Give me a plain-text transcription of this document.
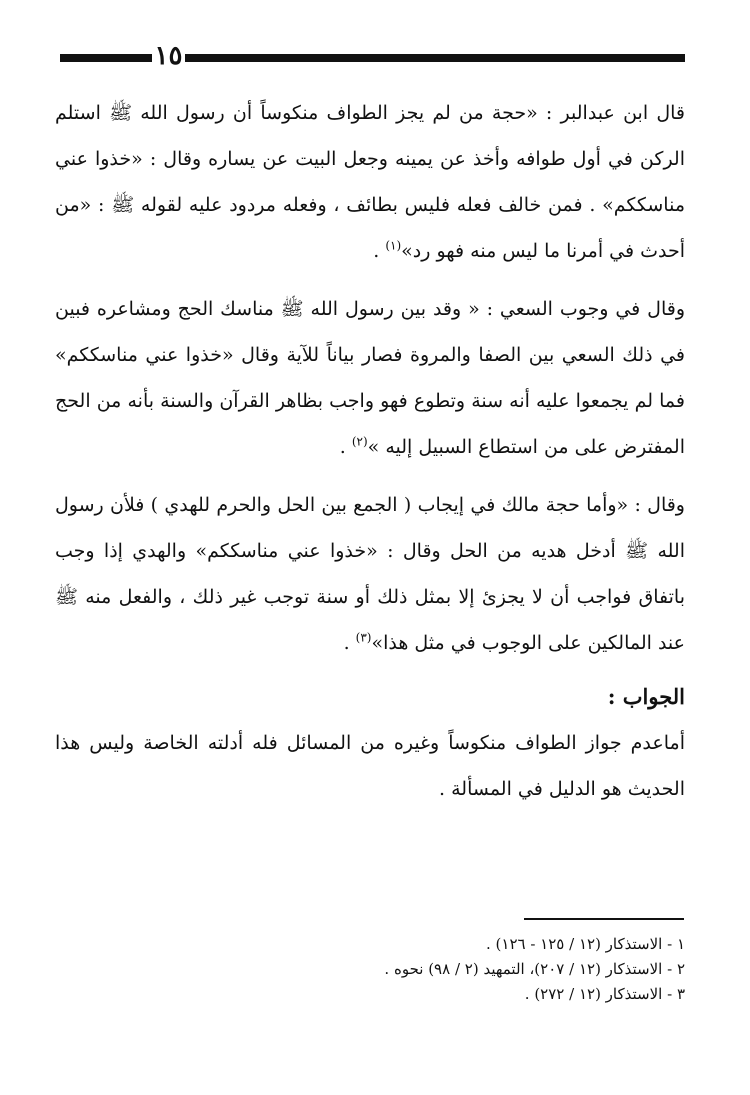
١٥

قال ابن عبدالبر : «حجة من لم يجز الطواف منكوساً أن رسول الله ﷺ استلم الركن في أول طوافه وأخذ عن يمينه وجعل البيت عن يساره وقال : «خذوا عني مناسككم» . فمن خالف فعله فليس بطائف ، وفعله مردود عليه لقوله ﷺ : «من أحدث في أمرنا ما ليس منه فهو رد»$^{(١)}$ .

وقال في وجوب السعي : « وقد بين رسول الله ﷺ مناسك الحج ومشاعره فبين في ذلك السعي بين الصفا والمروة فصار بياناً للآية وقال «خذوا عني مناسككم» فما لم يجمعوا عليه أنه سنة وتطوع فهو واجب بظاهر القرآن والسنة بأنه من الحج المفترض على من استطاع السبيل إليه »$^{(٢)}$ .

وقال : «وأما حجة مالك في إيجاب ( الجمع بين الحل والحرم للهدي ) فلأن رسول الله ﷺ أدخل هديه من الحل وقال : «خذوا عني مناسككم» والهدي إذا وجب باتفاق فواجب أن لا يجزئ إلا بمثل ذلك أو سنة توجب غير ذلك ، والفعل منه ﷺ عند المالكين على الوجوب في مثل هذا»$^{(٣)}$ .

الجواب :

أماعدم جواز الطواف منكوساً وغيره من المسائل فله أدلته الخاصة وليس هذا الحديث هو الدليل في المسألة .

١ - الاستذكار (١٢ / ١٢٥ - ١٢٦) .

٢ - الاستذكار (١٢ / ٢٠٧)، التمهيد (٢ / ٩٨) نحوه .

٣ - الاستذكار (١٢ / ٢٧٢) .
